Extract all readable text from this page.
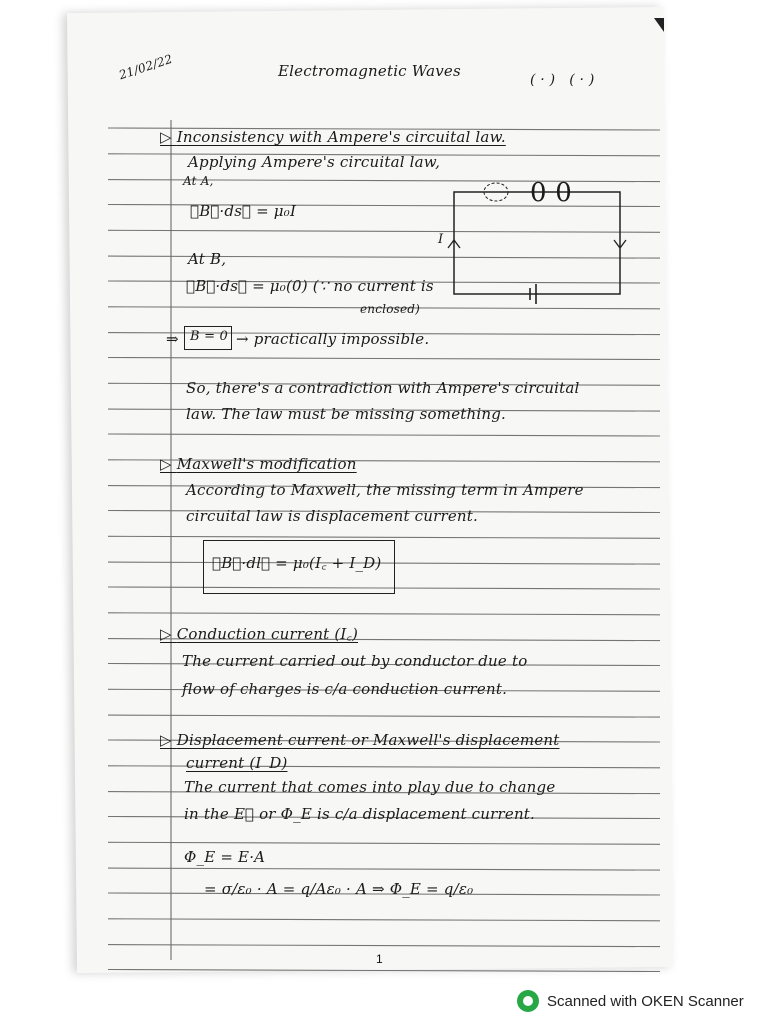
21/02/22	Electromagnetic Waves	( · )   ( · )
▷ Inconsistency with Ampere's circuital law.
Applying Ampere's circuital law,
At A,
∮B⃗·ds⃗ = μ₀I
At B,
∮B⃗·ds⃗ = μ₀(0) (∵ no current is
enclosed)
I
0 0
⇒ B = 0 → practically impossible.
So, there's a contradiction with Ampere's circuital
law. The law must be missing something.
▷ Maxwell's modification
According to Maxwell, the missing term in Ampere
circuital law is displacement current.
∮B⃗·dl⃗ = μ₀(I꜀ + I_D)
▷ Conduction current (I꜀)
The current carried out by conductor due to
flow of charges is c/a conduction current.
▷ Displacement current or Maxwell's displacement
current (I_D)
The current that comes into play due to change
in the E⃗ or Φ_E is c/a displacement current.
Φ_E = E·A
= σ/ε₀ · A = q/Aε₀ · A ⇒ Φ_E = q/ε₀
1
Scanned with OKEN Scanner
